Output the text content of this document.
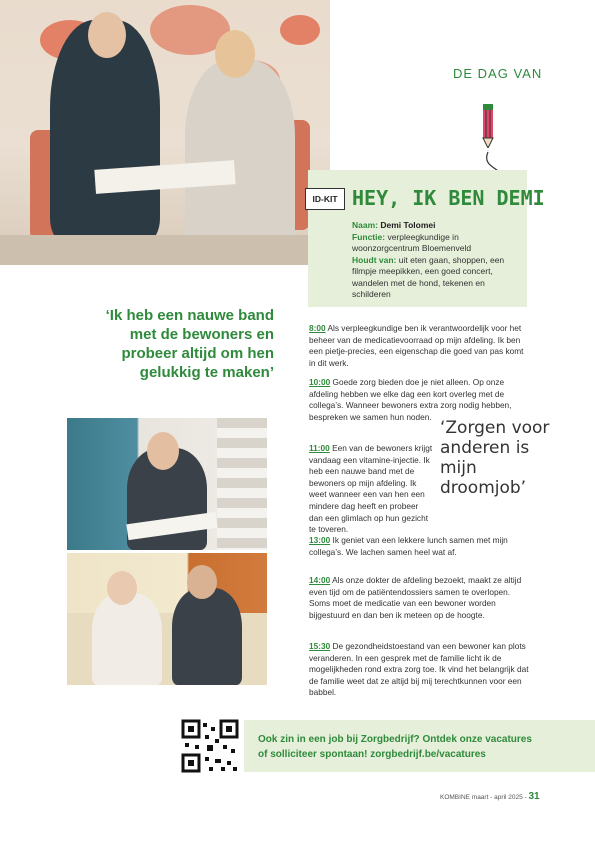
DE DAG VAN
ID-KIT HEY, IK BEN DEMI
Naam: Demi Tolomei
Functie: verpleegkundige in woonzorgcentrum Bloemenveld
Houdt van: uit eten gaan, shoppen, een filmpje meepikken, een goed concert, wandelen met de hond, tekenen en schilderen
‘Ik heb een nauwe band met de bewoners en probeer altijd om hen gelukkig te maken’
8:00 Als verpleegkundige ben ik verantwoordelijk voor het beheer van de medicatievoorraad op mijn afdeling. Ik ben een pietje-precies, een eigenschap die goed van pas komt in dit werk.
10:00 Goede zorg bieden doe je niet alleen. Op onze afdeling hebben we elke dag een kort overleg met de collega’s. Wanneer bewoners extra zorg nodig hebben, bespreken we samen hun noden.
11:00 Een van de bewoners krijgt vandaag een vitamine-injectie. Ik heb een nauwe band met de bewoners op mijn afdeling. Ik weet wanneer een van hen een mindere dag heeft en probeer dan een glimlach op hun gezicht te toveren.
13:00 Ik geniet van een lekkere lunch samen met mijn collega’s. We lachen samen heel wat af.
14:00 Als onze dokter de afdeling bezoekt, maakt ze altijd even tijd om de patiëntendossiers samen te overlopen. Soms moet de medicatie van een bewoner worden bijgestuurd en dan ben ik meteen op de hoogte.
15:30 De gezondheidstoestand van een bewoner kan plots veranderen. In een gesprek met de familie licht ik de mogelijkheden rond extra zorg toe. Ik vind het belangrijk dat de familie weet dat ze altijd bij mij terechtkunnen voor een babbel.
‘Zorgen voor anderen is mijn droomjob’
Ook zin in een job bij Zorgbedrijf? Ontdek onze vacatures
of solliciteer spontaan! zorgbedrijf.be/vacatures
KOMBINE maart - april 2025 - 31
